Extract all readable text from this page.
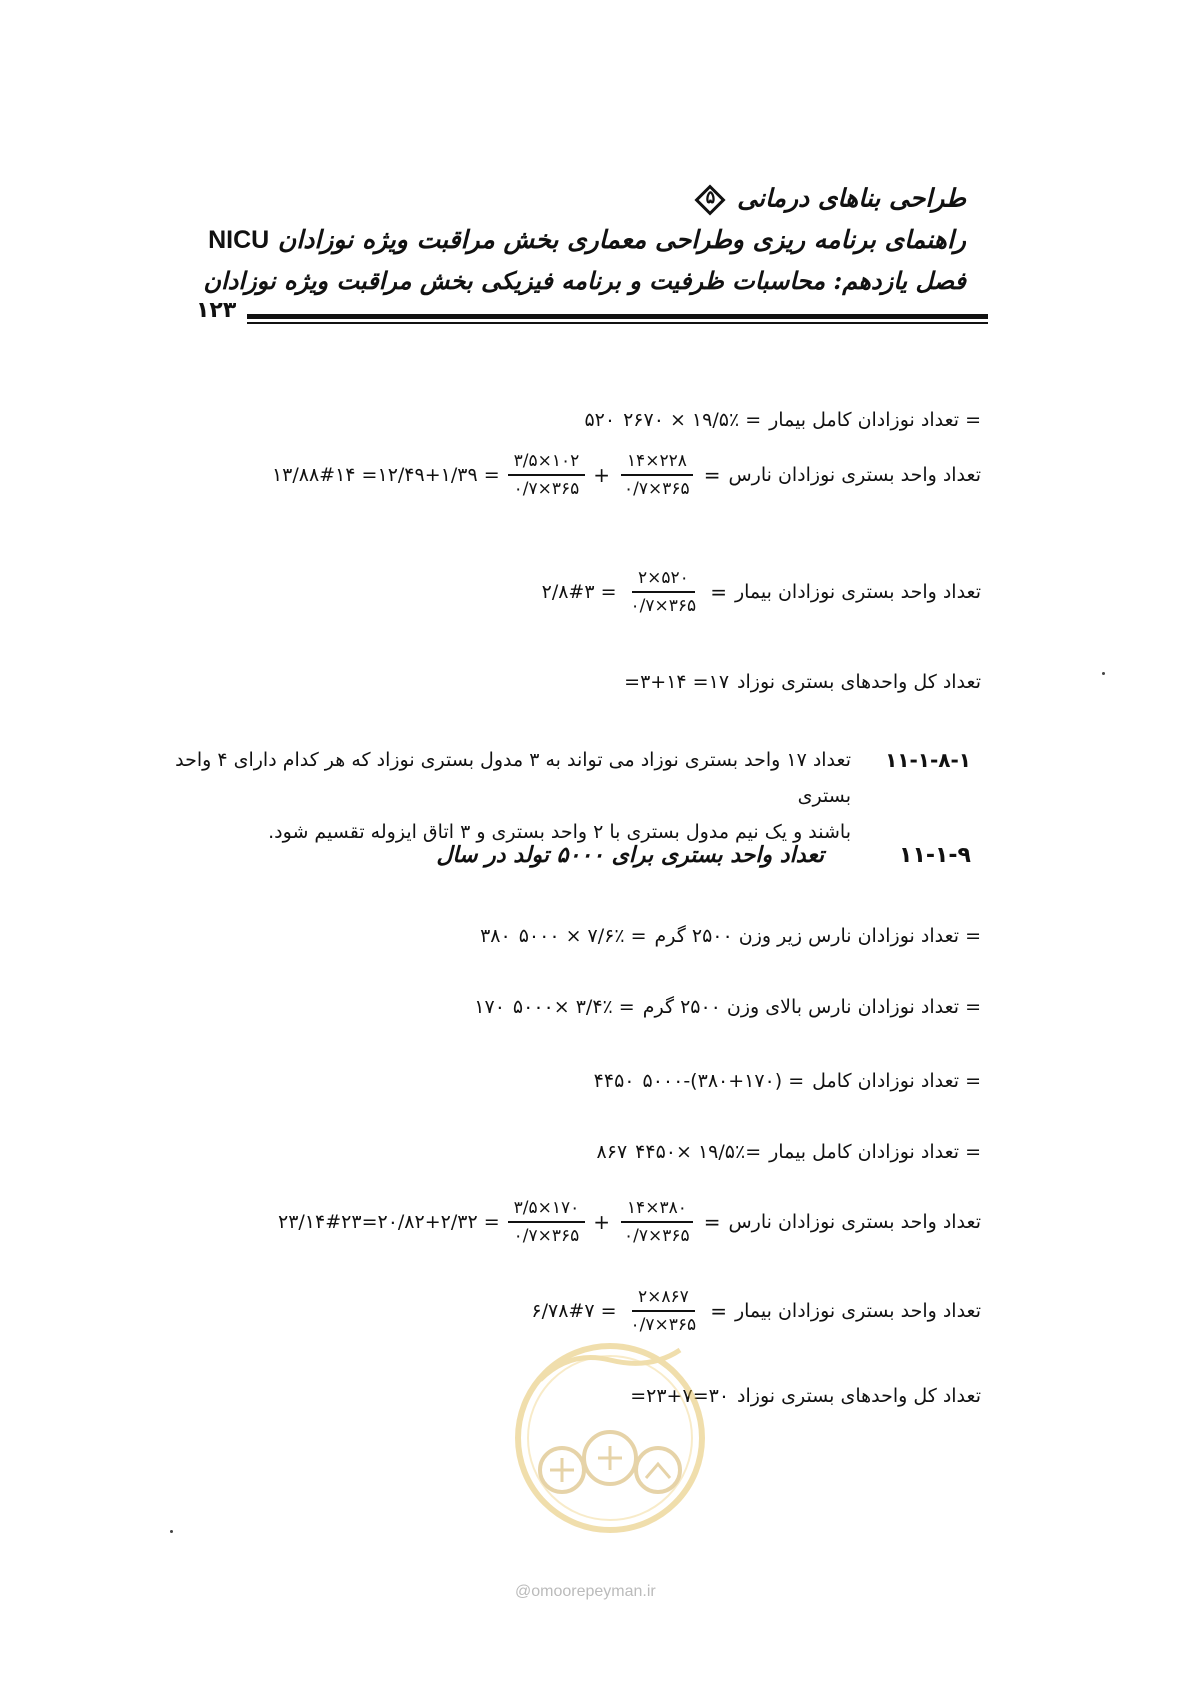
طراحی بناهای درمانی
۵
راهنمای برنامه ریزی وطراحی معماری بخش مراقبت ویژه نوزادان NICU
فصل یازدهم: محاسبات ظرفیت و برنامه فیزیکی بخش مراقبت ویژه نوزادان
۱۲۳
= تعداد نوزادان کامل بیمار
= ۱۹/۵٪ × ۲۶۷۰
۵۲۰
تعداد واحد بستری نوزادان نارس
=
$\frac{۲۲۸\times ۱۴}{۳۶۵\times ۰/۷}$
+
$\frac{۱۰۲\times ۳/۵}{۳۶۵\times ۰/۷}$
= ۱۲/۴۹+۱/۳۹= ۱۳/۸۸#۱۴
تعداد واحد بستری نوزادان بیمار
=
$\frac{۵۲۰\times ۲}{۳۶۵\times ۰/۷}$
= ۲/۸#۳
تعداد کل واحدهای بستری نوزاد
۱۷= ۳+۱۴=
۱۱-۱-۸-۱
تعداد ۱۷ واحد بستری نوزاد می تواند به ۳ مدول بستری نوزاد که هر کدام دارای ۴ واحد بستری
باشند و یک نیم مدول بستری با ۲ واحد بستری و ۳ اتاق ایزوله تقسیم شود.
۱۱-۱-۹ تعداد واحد بستری برای ۵۰۰۰ تولد در سال
= تعداد نوزادان نارس زیر وزن ۲۵۰۰ گرم
= ۷/۶٪ × ۵۰۰۰
۳۸۰
= تعداد نوزادان نارس بالای وزن ۲۵۰۰ گرم
= ۳/۴٪ ×۵۰۰۰
۱۷۰
= تعداد نوزادان کامل
= (۳۸۰+۱۷۰)-۵۰۰۰
۴۴۵۰
= تعداد نوزادان کامل بیمار
=۱۹/۵٪ ×۴۴۵۰
۸۶۷
تعداد واحد بستری نوزادان نارس
=
$\frac{۳۸۰\times ۱۴}{۳۶۵\times ۰/۷}$
+
$\frac{۱۷۰\times ۳/۵}{۳۶۵\times ۰/۷}$
= ۲۰/۸۲+۲/۳۲=۲۳/۱۴#۲۳
تعداد واحد بستری نوزادان بیمار
=
$\frac{۸۶۷\times ۲}{۳۶۵\times ۰/۷}$
= ۶/۷۸#۷
تعداد کل واحدهای بستری نوزاد
۳۰=۲۳+۷=
@omoorepeyman.ir
